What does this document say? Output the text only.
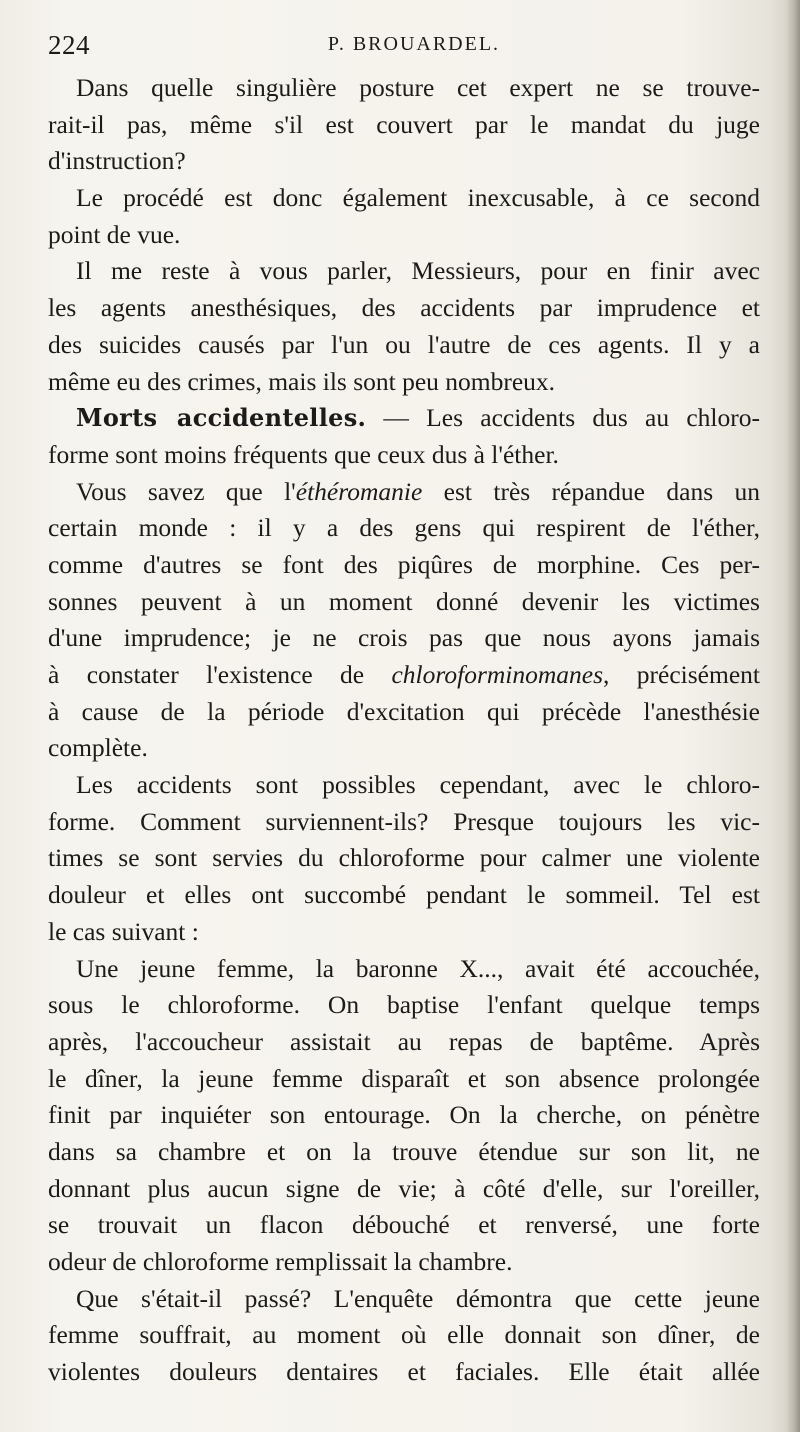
224	P. BROUARDEL.
Dans quelle singulière posture cet expert ne se trouve-
rait-il pas, même s'il est couvert par le mandat du juge
d'instruction?
Le procédé est donc également inexcusable, à ce second
point de vue.
Il me reste à vous parler, Messieurs, pour en finir avec
les agents anesthésiques, des accidents par imprudence et
des suicides causés par l'un ou l'autre de ces agents. Il y a
même eu des crimes, mais ils sont peu nombreux.
Morts accidentelles. — Les accidents dus au chloro-
forme sont moins fréquents que ceux dus à l'éther.
Vous savez que l'éthéromanie est très répandue dans un
certain monde : il y a des gens qui respirent de l'éther,
comme d'autres se font des piqûres de morphine. Ces per-
sonnes peuvent à un moment donné devenir les victimes
d'une imprudence; je ne crois pas que nous ayons jamais
à constater l'existence de chloroforminomanes, précisément
à cause de la période d'excitation qui précède l'anesthésie
complète.
Les accidents sont possibles cependant, avec le chloro-
forme. Comment surviennent-ils? Presque toujours les vic-
times se sont servies du chloroforme pour calmer une violente
douleur et elles ont succombé pendant le sommeil. Tel est
le cas suivant :
Une jeune femme, la baronne X..., avait été accouchée,
sous le chloroforme. On baptise l'enfant quelque temps
après, l'accoucheur assistait au repas de baptême. Après
le dîner, la jeune femme disparaît et son absence prolongée
finit par inquiéter son entourage. On la cherche, on pénètre
dans sa chambre et on la trouve étendue sur son lit, ne
donnant plus aucun signe de vie; à côté d'elle, sur l'oreiller,
se trouvait un flacon débouché et renversé, une forte
odeur de chloroforme remplissait la chambre.
Que s'était-il passé? L'enquête démontra que cette jeune
femme souffrait, au moment où elle donnait son dîner, de
violentes douleurs dentaires et faciales. Elle était allée
